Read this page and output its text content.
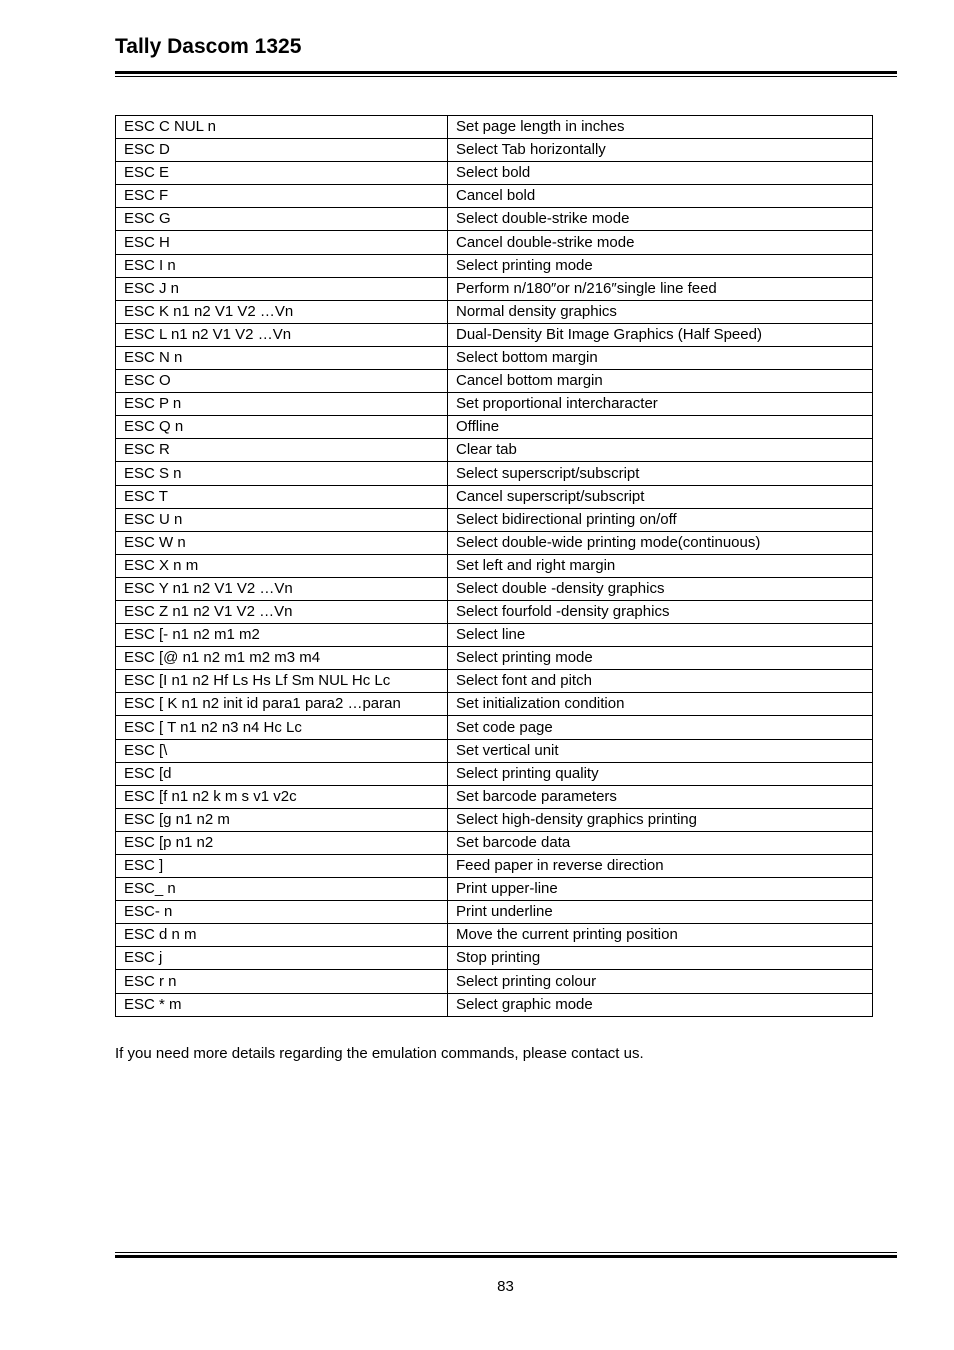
Tally Dascom 1325
ESC C NUL n	Set page length in inches
ESC D	Select Tab horizontally
ESC E	Select bold
ESC F	Cancel bold
ESC G	Select double-strike mode
ESC H	Cancel double-strike mode
ESC I n	Select printing mode
ESC J n	Perform n/180″or n/216″single line feed
ESC K n1 n2 V1 V2 …Vn	Normal density graphics
ESC L n1 n2 V1 V2 …Vn	Dual-Density Bit Image Graphics (Half Speed)
ESC N n	Select bottom margin
ESC O	Cancel bottom margin
ESC P n	Set proportional intercharacter
ESC Q n	Offline
ESC R	Clear tab
ESC S n	Select superscript/subscript
ESC T	Cancel superscript/subscript
ESC U n	Select bidirectional printing on/off
ESC W n	Select double-wide printing mode(continuous)
ESC X n m	Set left and right margin
ESC Y n1 n2 V1 V2 …Vn	Select double -density graphics
ESC Z n1 n2 V1 V2 …Vn	Select fourfold -density graphics
ESC [- n1 n2 m1 m2	Select line
ESC [@ n1 n2 m1 m2 m3 m4	Select printing mode
ESC [I n1 n2 Hf Ls Hs Lf Sm NUL Hc Lc	Select font and pitch
ESC [ K n1 n2 init id para1 para2 …paran	Set initialization condition
ESC [ T n1 n2 n3 n4 Hc Lc	Set code page
ESC [\	Set vertical unit
ESC [d	Select printing quality
ESC [f n1 n2 k m s v1 v2c	Set barcode parameters
ESC [g n1 n2 m	Select high-density graphics printing
ESC [p n1 n2	Set barcode data
ESC ]	Feed paper in reverse direction
ESC_ n	Print upper-line
ESC- n	Print underline
ESC d n m	Move the current printing position
ESC j	Stop printing
ESC r n	Select printing colour
ESC * m	Select graphic mode
If you need more details regarding the emulation commands, please contact us.
83
